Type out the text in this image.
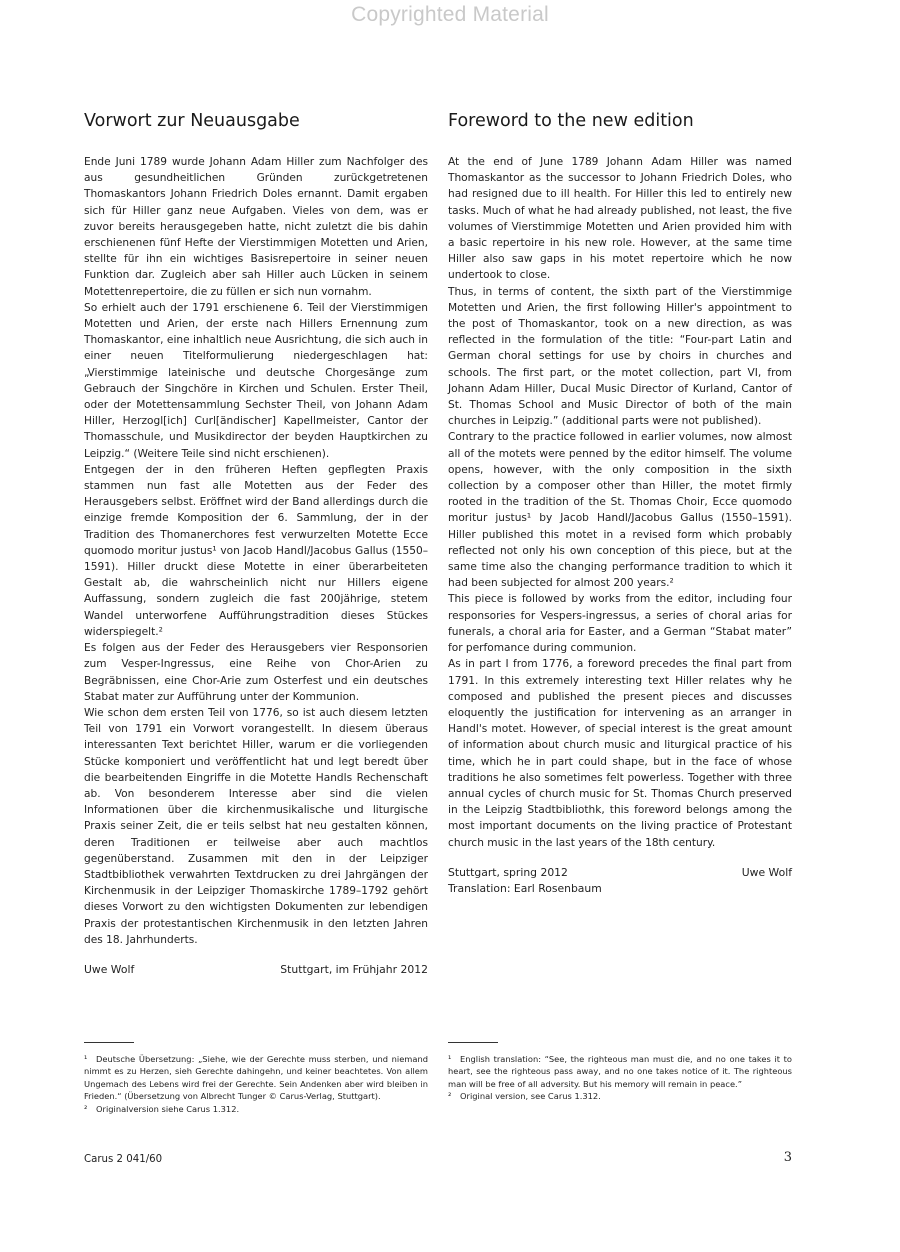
Copyrighted Material
Vorwort zur Neuausgabe

Ende Juni 1789 wurde Johann Adam Hiller zum Nachfolger des aus gesundheitlichen Gründen zurückgetretenen Thomaskantors Johann Friedrich Doles ernannt. Damit ergaben sich für Hiller ganz neue Aufgaben. Vieles von dem, was er zuvor bereits herausgegeben hatte, nicht zuletzt die bis dahin erschienenen fünf Hefte der Vierstimmigen Motetten und Arien, stellte für ihn ein wichtiges Basisrepertoire in seiner neuen Funktion dar. Zugleich aber sah Hiller auch Lücken in seinem Motettenrepertoire, die zu füllen er sich nun vornahm.

So erhielt auch der 1791 erschienene 6. Teil der Vierstimmigen Motetten und Arien, der erste nach Hillers Ernennung zum Thomaskantor, eine inhaltlich neue Ausrichtung, die sich auch in einer neuen Titelformulierung niedergeschlagen hat: „Vierstimmige lateinische und deutsche Chorgesänge zum Gebrauch der Singchöre in Kirchen und Schulen. Erster Theil, oder der Motettensammlung Sechster Theil, von Johann Adam Hiller, Herzogl[ich] Curl[ändischer] Kapellmeister, Cantor der Thomasschule, und Musikdirector der beyden Hauptkirchen zu Leipzig.“ (Weitere Teile sind nicht erschienen).

Entgegen der in den früheren Heften gepflegten Praxis stammen nun fast alle Motetten aus der Feder des Herausgebers selbst. Eröffnet wird der Band allerdings durch die einzige fremde Komposition der 6. Sammlung, der in der Tradition des Thomanerchores fest verwurzelten Motette Ecce quomodo moritur justus¹ von Jacob Handl/Jacobus Gallus (1550–1591). Hiller druckt diese Motette in einer überarbeiteten Gestalt ab, die wahrscheinlich nicht nur Hillers eigene Auffassung, sondern zugleich die fast 200jährige, stetem Wandel unterworfene Aufführungstradition dieses Stückes widerspiegelt.²

Es folgen aus der Feder des Herausgebers vier Responsorien zum Vesper-Ingressus, eine Reihe von Chor-Arien zu Begräbnissen, eine Chor-Arie zum Osterfest und ein deutsches Stabat mater zur Aufführung unter der Kommunion.

Wie schon dem ersten Teil von 1776, so ist auch diesem letzten Teil von 1791 ein Vorwort vorangestellt. In diesem überaus interessanten Text berichtet Hiller, warum er die vorliegenden Stücke komponiert und veröffentlicht hat und legt beredt über die bearbeitenden Eingriffe in die Motette Handls Rechenschaft ab. Von besonderem Interesse aber sind die vielen Informationen über die kirchenmusikalische und liturgische Praxis seiner Zeit, die er teils selbst hat neu gestalten können, deren Traditionen er teilweise aber auch machtlos gegenüberstand. Zusammen mit den in der Leipziger Stadtbibliothek verwahrten Textdrucken zu drei Jahrgängen der Kirchenmusik in der Leipziger Thomaskirche 1789–1792 gehört dieses Vorwort zu den wichtigsten Dokumenten zur lebendigen Praxis der protestantischen Kirchenmusik in den letzten Jahren des 18. Jahrhunderts.

Uwe Wolf	Stuttgart, im Frühjahr 2012
Foreword to the new edition

At the end of June 1789 Johann Adam Hiller was named Thomaskantor as the successor to Johann Friedrich Doles, who had resigned due to ill health. For Hiller this led to entirely new tasks. Much of what he had already published, not least, the five volumes of Vierstimmige Motetten und Arien provided him with a basic repertoire in his new role. However, at the same time Hiller also saw gaps in his motet repertoire which he now undertook to close.

Thus, in terms of content, the sixth part of the Vierstimmige Motetten und Arien, the first following Hiller's appointment to the post of Thomaskantor, took on a new direction, as was reflected in the formulation of the title: “Four-part Latin and German choral settings for use by choirs in churches and schools. The first part, or the motet collection, part VI, from Johann Adam Hiller, Ducal Music Director of Kurland, Cantor of St. Thomas School and Music Director of both of the main churches in Leipzig.” (additional parts were not published).

Contrary to the practice followed in earlier volumes, now almost all of the motets were penned by the editor himself. The volume opens, however, with the only composition in the sixth collection by a composer other than Hiller, the motet firmly rooted in the tradition of the St. Thomas Choir, Ecce quomodo moritur justus¹ by Jacob Handl/Jacobus Gallus (1550–1591). Hiller published this motet in a revised form which probably reflected not only his own conception of this piece, but at the same time also the changing performance tradition to which it had been subjected for almost 200 years.²

This piece is followed by works from the editor, including four responsories for Vespers-ingressus, a series of choral arias for funerals, a choral aria for Easter, and a German “Stabat mater” for perfomance during communion.

As in part I from 1776, a foreword precedes the final part from 1791. In this extremely interesting text Hiller relates why he composed and published the present pieces and discusses eloquently the justification for intervening as an arranger in Handl's motet. However, of special interest is the great amount of information about church music and liturgical practice of his time, which he in part could shape, but in the face of whose traditions he also sometimes felt powerless. Together with three annual cycles of church music for St. Thomas Church preserved in the Leipzig Stadtbibliothk, this foreword belongs among the most important documents on the living practice of Protestant church music in the last years of the 18th century.

Stuttgart, spring 2012	Uwe Wolf
Translation: Earl Rosenbaum

¹ Deutsche Übersetzung: „Siehe, wie der Gerechte muss sterben, und niemand nimmt es zu Herzen, sieh Gerechte dahingehn, und keiner beachtetes. Von allem Ungemach des Lebens wird frei der Gerechte. Sein Andenken aber wird bleiben in Frieden.“ (Übersetzung von Albrecht Tunger © Carus-Verlag, Stuttgart).

² Originalversion siehe Carus 1.312.

¹ English translation: “See, the righteous man must die, and no one takes it to heart, see the righteous pass away, and no one takes notice of it. The righteous man will be free of all adversity. But his memory will remain in peace.”

² Original version, see Carus 1.312.

Carus 2 041/60	3
